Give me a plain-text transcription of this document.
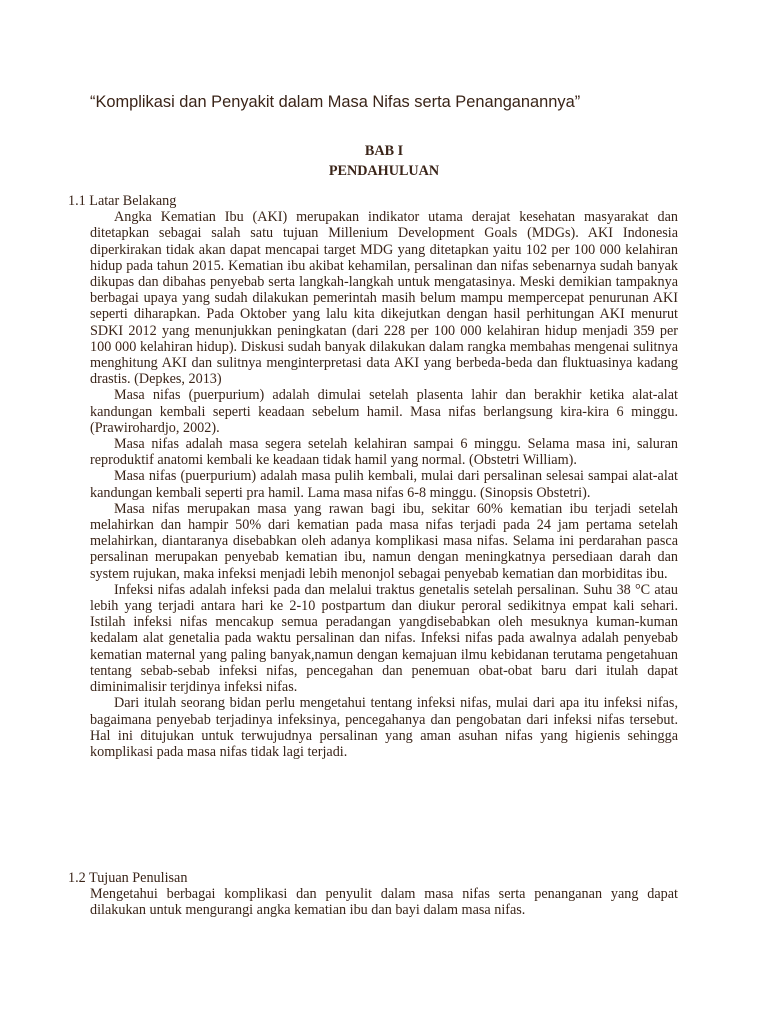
“Komplikasi dan Penyakit dalam Masa Nifas serta Penanganannya”
BAB I
PENDAHULUAN

1.1 Latar Belakang

Angka Kematian Ibu (AKI) merupakan indikator utama derajat kesehatan masyarakat dan ditetapkan sebagai salah satu tujuan Millenium Development Goals (MDGs). AKI Indonesia diperkirakan tidak akan dapat mencapai target MDG yang ditetapkan yaitu 102 per 100 000 kelahiran hidup pada tahun 2015. Kematian ibu akibat kehamilan, persalinan dan nifas sebenarnya sudah banyak dikupas dan dibahas penyebab serta langkah-langkah untuk mengatasinya. Meski demikian tampaknya berbagai upaya yang sudah dilakukan pemerintah masih belum mampu mempercepat penurunan AKI seperti diharapkan. Pada Oktober yang lalu kita dikejutkan dengan hasil perhitungan AKI menurut SDKI 2012 yang menunjukkan peningkatan (dari 228 per 100 000 kelahiran hidup menjadi 359 per 100 000 kelahiran hidup). Diskusi sudah banyak dilakukan dalam rangka membahas mengenai sulitnya menghitung AKI dan sulitnya menginterpretasi data AKI yang berbeda-beda dan fluktuasinya kadang drastis. (Depkes, 2013)

Masa nifas (puerpurium) adalah dimulai setelah plasenta lahir dan berakhir ketika alat-alat kandungan kembali seperti keadaan sebelum hamil. Masa nifas berlangsung kira-kira 6 minggu. (Prawirohardjo, 2002).

Masa nifas adalah masa segera setelah kelahiran sampai 6 minggu. Selama masa ini, saluran reproduktif anatomi kembali ke keadaan tidak hamil yang normal. (Obstetri William).

Masa nifas (puerpurium) adalah masa pulih kembali, mulai dari persalinan selesai sampai alat-alat kandungan kembali seperti pra hamil. Lama masa nifas 6-8 minggu. (Sinopsis Obstetri).

Masa nifas merupakan masa yang rawan bagi ibu, sekitar 60% kematian ibu terjadi setelah melahirkan dan hampir 50% dari kematian pada masa nifas terjadi pada 24 jam pertama setelah melahirkan, diantaranya disebabkan oleh adanya komplikasi masa nifas. Selama ini perdarahan pasca persalinan merupakan penyebab kematian ibu, namun dengan meningkatnya persediaan darah dan system rujukan, maka infeksi menjadi lebih menonjol sebagai penyebab kematian dan morbiditas ibu.

Infeksi nifas adalah infeksi pada dan melalui traktus genetalis setelah persalinan. Suhu 38 °C atau lebih yang terjadi antara hari ke 2-10 postpartum dan diukur peroral sedikitnya empat kali sehari. Istilah infeksi nifas mencakup semua peradangan yangdisebabkan oleh mesuknya kuman-kuman kedalam alat genetalia pada waktu persalinan dan nifas. Infeksi nifas pada awalnya adalah penyebab kematian maternal yang paling banyak,namun dengan kemajuan ilmu kebidanan terutama pengetahuan tentang sebab-sebab infeksi nifas, pencegahan dan penemuan obat-obat baru dari itulah dapat diminimalisir terjdinya infeksi nifas.

Dari itulah seorang bidan perlu mengetahui tentang infeksi nifas, mulai dari apa itu infeksi nifas, bagaimana penyebab terjadinya infeksinya, pencegahanya dan pengobatan dari infeksi nifas tersebut. Hal ini ditujukan untuk terwujudnya persalinan yang aman asuhan nifas yang higienis sehingga komplikasi pada masa nifas tidak lagi terjadi.

1.2 Tujuan Penulisan

Mengetahui berbagai komplikasi dan penyulit dalam masa nifas serta penanganan yang dapat dilakukan untuk mengurangi angka kematian ibu dan bayi dalam masa nifas.
